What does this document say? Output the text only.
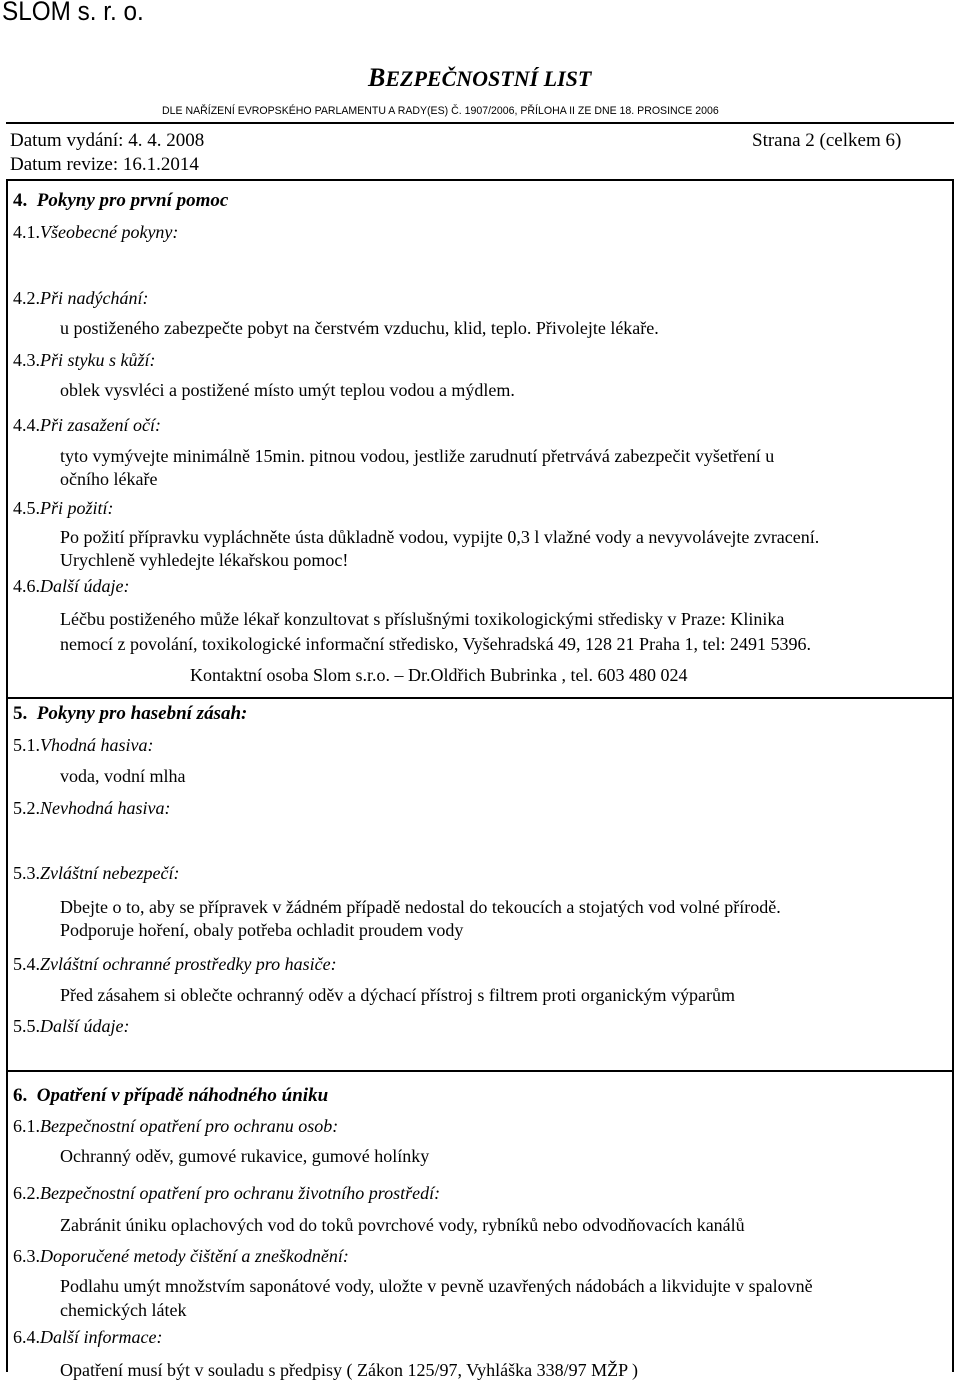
SLOM s. r. o.
BEZPEČNOSTNÍ LIST
DLE NAŘÍZENÍ EVROPSKÉHO PARLAMENTU A RADY(ES) Č. 1907/2006, PŘÍLOHA II ZE DNE 18. PROSINCE 2006
Datum vydání: 4. 4. 2008	Strana 2 (celkem 6)
Datum revize: 16.1.2014
4. Pokyny pro první pomoc
4.1.Všeobecné pokyny:
4.2.Při nadýchání:
u postiženého zabezpečte pobyt na čerstvém vzduchu, klid, teplo. Přivolejte lékaře.
4.3.Při styku s kůží:
oblek vysvléci a postižené místo umýt teplou vodou a mýdlem.
4.4.Při zasažení očí:
tyto vymývejte minimálně 15min. pitnou vodou, jestliže zarudnutí přetrvává zabezpečit vyšetření u
očního lékaře
4.5.Při požití:
Po požití přípravku vypláchněte ústa důkladně vodou, vypijte 0,3 l vlažné vody a nevyvolávejte zvracení.
Urychleně vyhledejte lékařskou pomoc!
4.6.Další údaje:
Léčbu postiženého může lékař konzultovat s příslušnými toxikologickými středisky v Praze: Klinika
nemocí z povolání, toxikologické informační středisko, Vyšehradská 49, 128 21 Praha 1, tel: 2491 5396.
Kontaktní osoba Slom s.r.o. – Dr.Oldřich Bubrinka , tel. 603 480 024
5. Pokyny pro hasební zásah:
5.1.Vhodná hasiva:
voda, vodní mlha
5.2.Nevhodná hasiva:
5.3.Zvláštní nebezpečí:
Dbejte o to, aby se přípravek v žádném případě nedostal do tekoucích a stojatých vod volné přírodě.
Podporuje hoření, obaly potřeba ochladit proudem vody
5.4.Zvláštní ochranné prostředky pro hasiče:
Před zásahem si oblečte ochranný oděv a dýchací přístroj s filtrem proti organickým výparům
5.5.Další údaje:
6. Opatření v případě náhodného úniku
6.1.Bezpečnostní opatření pro ochranu osob:
Ochranný oděv, gumové rukavice, gumové holínky
6.2.Bezpečnostní opatření pro ochranu životního prostředí:
Zabránit úniku oplachových vod do toků povrchové vody, rybníků nebo odvodňovacích kanálů
6.3.Doporučené metody čištění a zneškodnění:
Podlahu umýt množstvím saponátové vody, uložte v pevně uzavřených nádobách a likvidujte v spalovně
chemických látek
6.4.Další informace:
Opatření musí být v souladu s předpisy ( Zákon 125/97, Vyhláška 338/97 MŽP )
